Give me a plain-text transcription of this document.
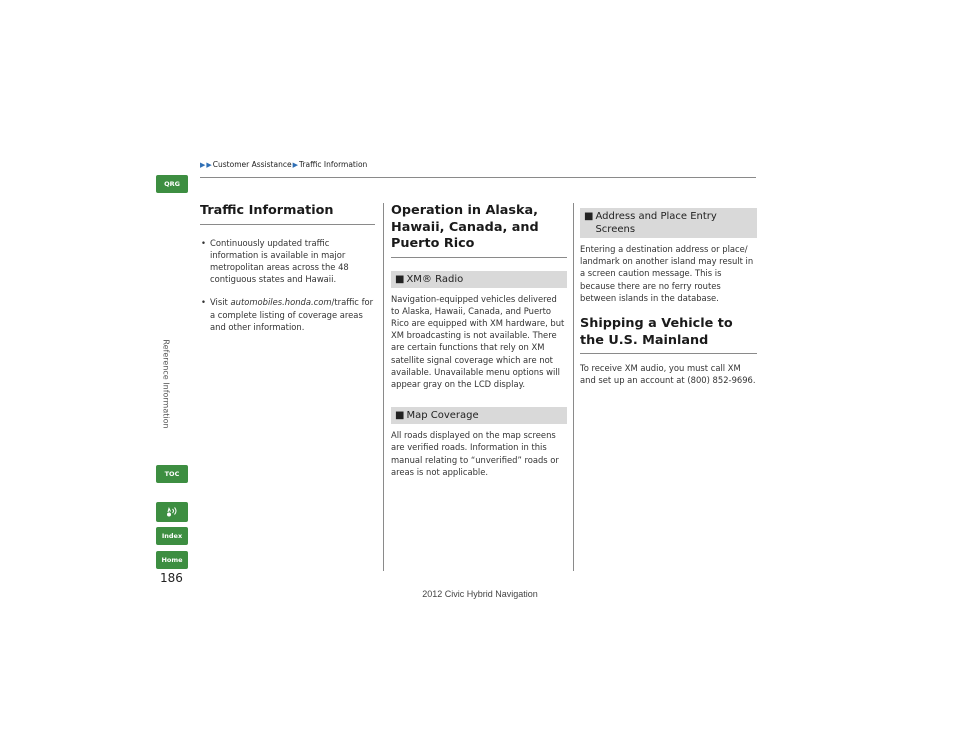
▶ ▶ Customer Assistance ▶ Traffic Information
QRG
Reference Information
TOC
Index
Home
Traffic Information
• Continuously updated traffic information is available in major metropolitan areas across the 48 contiguous states and Hawaii.
• Visit automobiles.honda.com/traffic for a complete listing of coverage areas and other information.
Operation in Alaska, Hawaii, Canada, and Puerto Rico
■ XM® Radio

Navigation-equipped vehicles delivered to Alaska, Hawaii, Canada, and Puerto Rico are equipped with XM hardware, but XM broadcasting is not available. There are certain functions that rely on XM satellite signal coverage which are not available. Unavailable menu options will appear gray on the LCD display.

■ Map Coverage

All roads displayed on the map screens are verified roads. Information in this manual relating to “unverified” roads or areas is not applicable.

■ Address and Place Entry Screens

Entering a destination address or place/ landmark on another island may result in a screen caution message. This is because there are no ferry routes between islands in the database.

Shipping a Vehicle to the U.S. Mainland

To receive XM audio, you must call XM and set up an account at (800) 852-9696.

186
2012 Civic Hybrid Navigation
